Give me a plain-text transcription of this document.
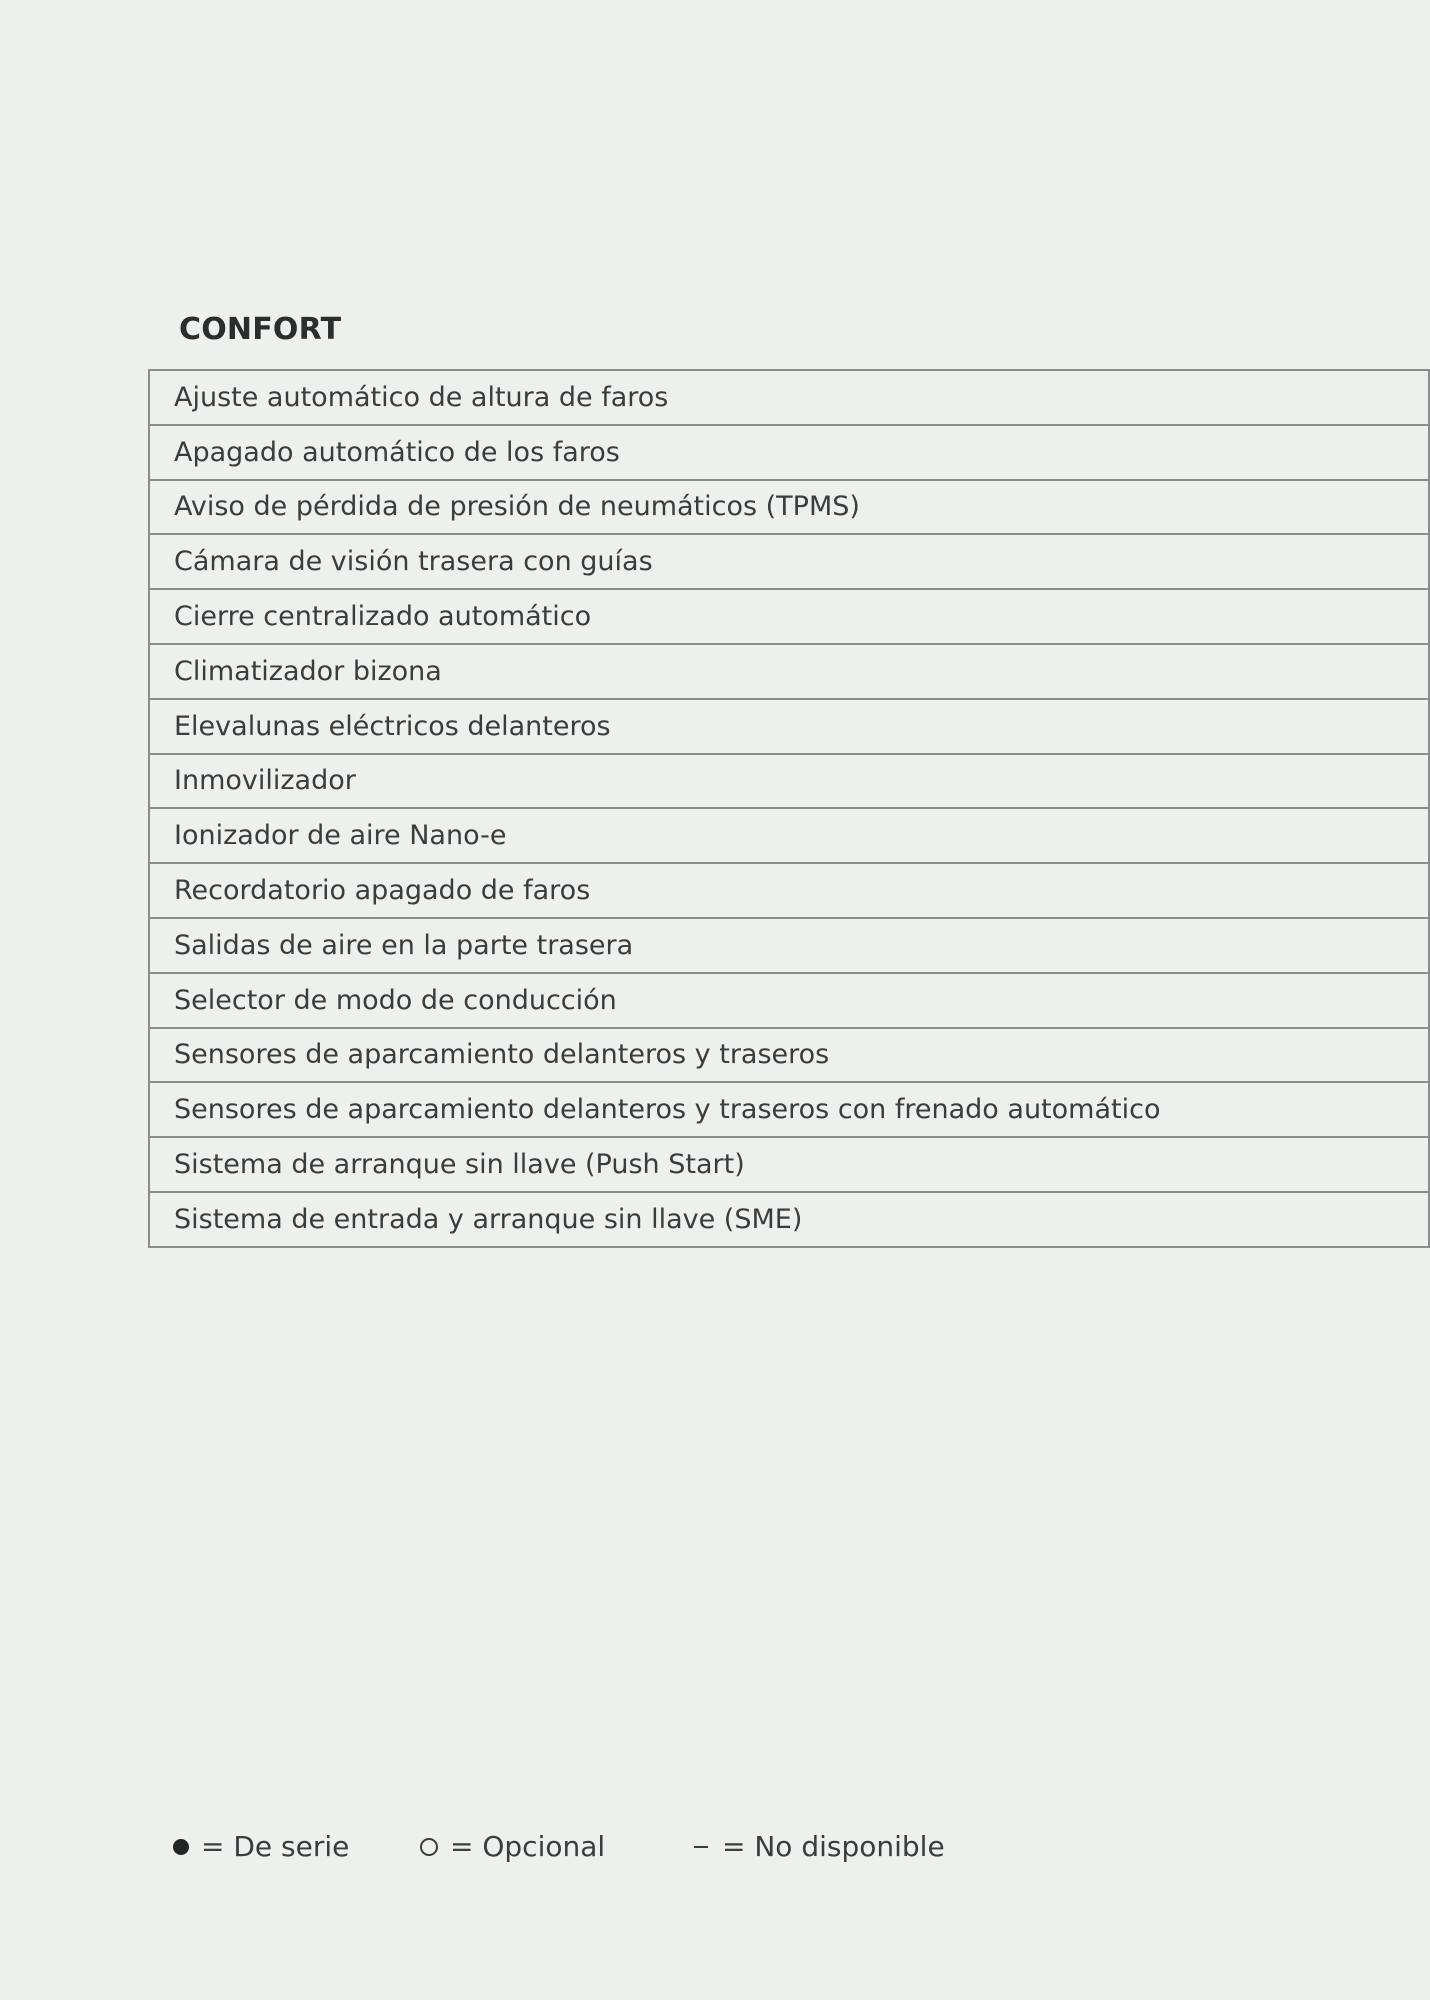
CONFORT
Ajuste automático de altura de faros
Apagado automático de los faros
Aviso de pérdida de presión de neumáticos (TPMS)
Cámara de visión trasera con guías
Cierre centralizado automático
Climatizador bizona
Elevalunas eléctricos delanteros
Inmovilizador
Ionizador de aire Nano-e
Recordatorio apagado de faros
Salidas de aire en la parte trasera
Selector de modo de conducción
Sensores de aparcamiento delanteros y traseros
Sensores de aparcamiento delanteros y traseros con frenado automático
Sistema de arranque sin llave (Push Start)
Sistema de entrada y arranque sin llave (SME)
= De serie	= Opcional	= No disponible
